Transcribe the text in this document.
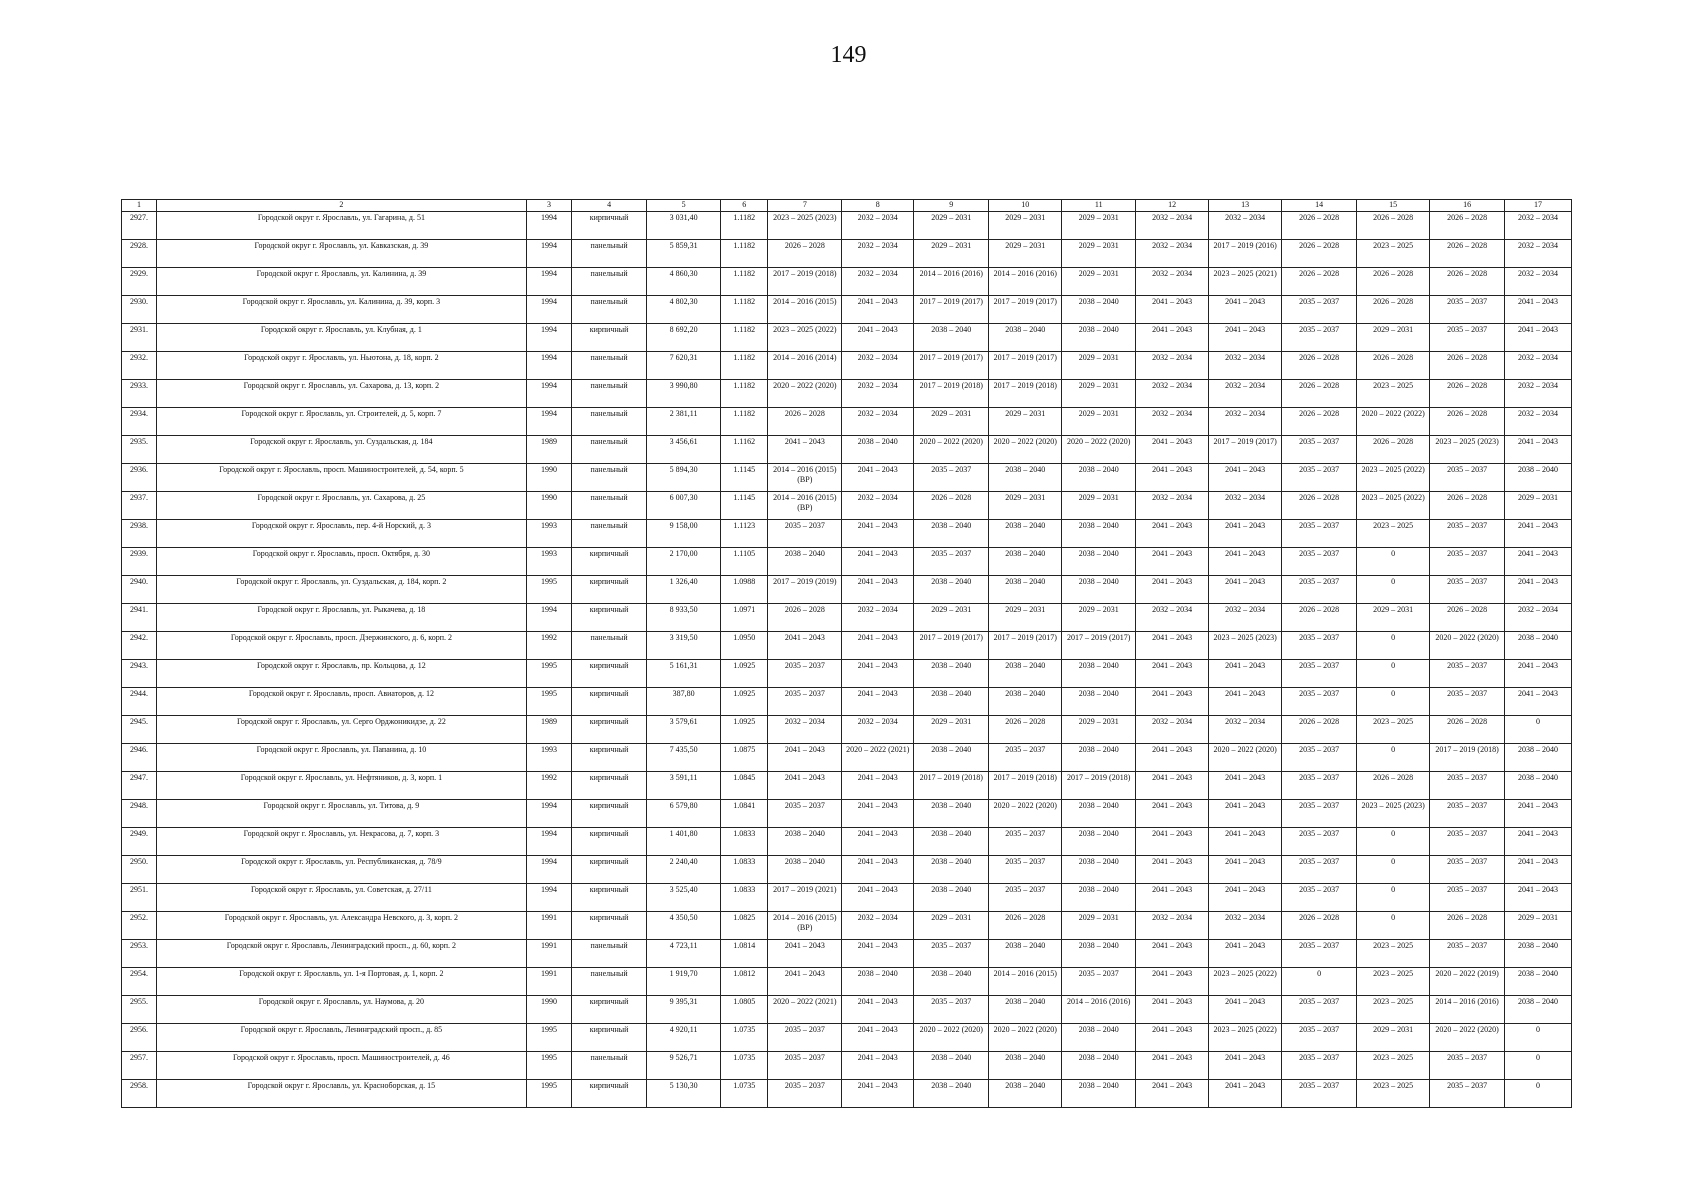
149
1	2	3	4	5	6	7	8	9	10	11	12	13	14	15	16	17
2927.	Городской округ г. Ярославль, ул. Гагарина, д. 51	1994	кирпичный	3 031,40	1.1182	2023 – 2025 (2023)	2032 – 2034	2029 – 2031	2029 – 2031	2029 – 2031	2032 – 2034	2032 – 2034	2026 – 2028	2026 – 2028	2026 – 2028	2032 – 2034
2928.	Городской округ г. Ярославль, ул. Кавказская, д. 39	1994	панельный	5 859,31	1.1182	2026 – 2028	2032 – 2034	2029 – 2031	2029 – 2031	2029 – 2031	2032 – 2034	2017 – 2019 (2016)	2026 – 2028	2023 – 2025	2026 – 2028	2032 – 2034
2929.	Городской округ г. Ярославль, ул. Калинина, д. 39	1994	панельный	4 860,30	1.1182	2017 – 2019 (2018)	2032 – 2034	2014 – 2016 (2016)	2014 – 2016 (2016)	2029 – 2031	2032 – 2034	2023 – 2025 (2021)	2026 – 2028	2026 – 2028	2026 – 2028	2032 – 2034
2930.	Городской округ г. Ярославль, ул. Калинина, д. 39, корп. 3	1994	панельный	4 802,30	1.1182	2014 – 2016 (2015)	2041 – 2043	2017 – 2019 (2017)	2017 – 2019 (2017)	2038 – 2040	2041 – 2043	2041 – 2043	2035 – 2037	2026 – 2028	2035 – 2037	2041 – 2043
2931.	Городской округ г. Ярославль, ул. Клубная, д. 1	1994	кирпичный	8 692,20	1.1182	2023 – 2025 (2022)	2041 – 2043	2038 – 2040	2038 – 2040	2038 – 2040	2041 – 2043	2041 – 2043	2035 – 2037	2029 – 2031	2035 – 2037	2041 – 2043
2932.	Городской округ г. Ярославль, ул. Ньютона, д. 18, корп. 2	1994	панельный	7 620,31	1.1182	2014 – 2016 (2014)	2032 – 2034	2017 – 2019 (2017)	2017 – 2019 (2017)	2029 – 2031	2032 – 2034	2032 – 2034	2026 – 2028	2026 – 2028	2026 – 2028	2032 – 2034
2933.	Городской округ г. Ярославль, ул. Сахарова, д. 13, корп. 2	1994	панельный	3 990,80	1.1182	2020 – 2022 (2020)	2032 – 2034	2017 – 2019 (2018)	2017 – 2019 (2018)	2029 – 2031	2032 – 2034	2032 – 2034	2026 – 2028	2023 – 2025	2026 – 2028	2032 – 2034
2934.	Городской округ г. Ярославль, ул. Строителей, д. 5, корп. 7	1994	панельный	2 381,11	1.1182	2026 – 2028	2032 – 2034	2029 – 2031	2029 – 2031	2029 – 2031	2032 – 2034	2032 – 2034	2026 – 2028	2020 – 2022 (2022)	2026 – 2028	2032 – 2034
2935.	Городской округ г. Ярославль, ул. Суздальская, д. 184	1989	панельный	3 456,61	1.1162	2041 – 2043	2038 – 2040	2020 – 2022 (2020)	2020 – 2022 (2020)	2020 – 2022 (2020)	2041 – 2043	2017 – 2019 (2017)	2035 – 2037	2026 – 2028	2023 – 2025 (2023)	2041 – 2043
2936.	Городской округ г. Ярославль, просп. Машиностроителей, д. 54, корп. 5	1990	панельный	5 894,30	1.1145	2014 – 2016 (2015) (ВР)	2041 – 2043	2035 – 2037	2038 – 2040	2038 – 2040	2041 – 2043	2041 – 2043	2035 – 2037	2023 – 2025 (2022)	2035 – 2037	2038 – 2040
2937.	Городской округ г. Ярославль, ул. Сахарова, д. 25	1990	панельный	6 007,30	1.1145	2014 – 2016 (2015) (ВР)	2032 – 2034	2026 – 2028	2029 – 2031	2029 – 2031	2032 – 2034	2032 – 2034	2026 – 2028	2023 – 2025 (2022)	2026 – 2028	2029 – 2031
2938.	Городской округ г. Ярославль, пер. 4-й Норский, д. 3	1993	панельный	9 158,00	1.1123	2035 – 2037	2041 – 2043	2038 – 2040	2038 – 2040	2038 – 2040	2041 – 2043	2041 – 2043	2035 – 2037	2023 – 2025	2035 – 2037	2041 – 2043
2939.	Городской округ г. Ярославль, просп. Октября, д. 30	1993	кирпичный	2 170,00	1.1105	2038 – 2040	2041 – 2043	2035 – 2037	2038 – 2040	2038 – 2040	2041 – 2043	2041 – 2043	2035 – 2037	0	2035 – 2037	2041 – 2043
2940.	Городской округ г. Ярославль, ул. Суздальская, д. 184, корп. 2	1995	кирпичный	1 326,40	1.0988	2017 – 2019 (2019)	2041 – 2043	2038 – 2040	2038 – 2040	2038 – 2040	2041 – 2043	2041 – 2043	2035 – 2037	0	2035 – 2037	2041 – 2043
2941.	Городской округ г. Ярославль, ул. Рыкачева, д. 18	1994	кирпичный	8 933,50	1.0971	2026 – 2028	2032 – 2034	2029 – 2031	2029 – 2031	2029 – 2031	2032 – 2034	2032 – 2034	2026 – 2028	2029 – 2031	2026 – 2028	2032 – 2034
2942.	Городской округ г. Ярославль, просп. Дзержинского, д. 6, корп. 2	1992	панельный	3 319,50	1.0950	2041 – 2043	2041 – 2043	2017 – 2019 (2017)	2017 – 2019 (2017)	2017 – 2019 (2017)	2041 – 2043	2023 – 2025 (2023)	2035 – 2037	0	2020 – 2022 (2020)	2038 – 2040
2943.	Городской округ г. Ярославль, пр. Кольцова, д. 12	1995	кирпичный	5 161,31	1.0925	2035 – 2037	2041 – 2043	2038 – 2040	2038 – 2040	2038 – 2040	2041 – 2043	2041 – 2043	2035 – 2037	0	2035 – 2037	2041 – 2043
2944.	Городской округ г. Ярославль, просп. Авиаторов, д. 12	1995	кирпичный	387,80	1.0925	2035 – 2037	2041 – 2043	2038 – 2040	2038 – 2040	2038 – 2040	2041 – 2043	2041 – 2043	2035 – 2037	0	2035 – 2037	2041 – 2043
2945.	Городской округ г. Ярославль, ул. Серго Орджоникидзе, д. 22	1989	кирпичный	3 579,61	1.0925	2032 – 2034	2032 – 2034	2029 – 2031	2026 – 2028	2029 – 2031	2032 – 2034	2032 – 2034	2026 – 2028	2023 – 2025	2026 – 2028	0
2946.	Городской округ г. Ярославль, ул. Папанина, д. 10	1993	кирпичный	7 435,50	1.0875	2041 – 2043	2020 – 2022 (2021)	2038 – 2040	2035 – 2037	2038 – 2040	2041 – 2043	2020 – 2022 (2020)	2035 – 2037	0	2017 – 2019 (2018)	2038 – 2040
2947.	Городской округ г. Ярославль, ул. Нефтяников, д. 3, корп. 1	1992	кирпичный	3 591,11	1.0845	2041 – 2043	2041 – 2043	2017 – 2019 (2018)	2017 – 2019 (2018)	2017 – 2019 (2018)	2041 – 2043	2041 – 2043	2035 – 2037	2026 – 2028	2035 – 2037	2038 – 2040
2948.	Городской округ г. Ярославль, ул. Титова, д. 9	1994	кирпичный	6 579,80	1.0841	2035 – 2037	2041 – 2043	2038 – 2040	2020 – 2022 (2020)	2038 – 2040	2041 – 2043	2041 – 2043	2035 – 2037	2023 – 2025 (2023)	2035 – 2037	2041 – 2043
2949.	Городской округ г. Ярославль, ул. Некрасова, д. 7, корп. 3	1994	кирпичный	1 401,80	1.0833	2038 – 2040	2041 – 2043	2038 – 2040	2035 – 2037	2038 – 2040	2041 – 2043	2041 – 2043	2035 – 2037	0	2035 – 2037	2041 – 2043
2950.	Городской округ г. Ярославль, ул. Республиканская, д. 78/9	1994	кирпичный	2 240,40	1.0833	2038 – 2040	2041 – 2043	2038 – 2040	2035 – 2037	2038 – 2040	2041 – 2043	2041 – 2043	2035 – 2037	0	2035 – 2037	2041 – 2043
2951.	Городской округ г. Ярославль, ул. Советская, д. 27/11	1994	кирпичный	3 525,40	1.0833	2017 – 2019 (2021)	2041 – 2043	2038 – 2040	2035 – 2037	2038 – 2040	2041 – 2043	2041 – 2043	2035 – 2037	0	2035 – 2037	2041 – 2043
2952.	Городской округ г. Ярославль, ул. Александра Невского, д. 3, корп. 2	1991	кирпичный	4 350,50	1.0825	2014 – 2016 (2015) (ВР)	2032 – 2034	2029 – 2031	2026 – 2028	2029 – 2031	2032 – 2034	2032 – 2034	2026 – 2028	0	2026 – 2028	2029 – 2031
2953.	Городской округ г. Ярославль, Ленинградский просп., д. 60, корп. 2	1991	панельный	4 723,11	1.0814	2041 – 2043	2041 – 2043	2035 – 2037	2038 – 2040	2038 – 2040	2041 – 2043	2041 – 2043	2035 – 2037	2023 – 2025	2035 – 2037	2038 – 2040
2954.	Городской округ г. Ярославль, ул. 1-я Портовая, д. 1, корп. 2	1991	панельный	1 919,70	1.0812	2041 – 2043	2038 – 2040	2038 – 2040	2014 – 2016 (2015)	2035 – 2037	2041 – 2043	2023 – 2025 (2022)	0	2023 – 2025	2020 – 2022 (2019)	2038 – 2040
2955.	Городской округ г. Ярославль, ул. Наумова, д. 20	1990	кирпичный	9 395,31	1.0805	2020 – 2022 (2021)	2041 – 2043	2035 – 2037	2038 – 2040	2014 – 2016 (2016)	2041 – 2043	2041 – 2043	2035 – 2037	2023 – 2025	2014 – 2016 (2016)	2038 – 2040
2956.	Городской округ г. Ярославль, Ленинградский просп., д. 85	1995	кирпичный	4 920,11	1.0735	2035 – 2037	2041 – 2043	2020 – 2022 (2020)	2020 – 2022 (2020)	2038 – 2040	2041 – 2043	2023 – 2025 (2022)	2035 – 2037	2029 – 2031	2020 – 2022 (2020)	0
2957.	Городской округ г. Ярославль, просп. Машиностроителей, д. 46	1995	панельный	9 526,71	1.0735	2035 – 2037	2041 – 2043	2038 – 2040	2038 – 2040	2038 – 2040	2041 – 2043	2041 – 2043	2035 – 2037	2023 – 2025	2035 – 2037	0
2958.	Городской округ г. Ярославль, ул. Красноборская, д. 15	1995	кирпичный	5 130,30	1.0735	2035 – 2037	2041 – 2043	2038 – 2040	2038 – 2040	2038 – 2040	2041 – 2043	2041 – 2043	2035 – 2037	2023 – 2025	2035 – 2037	0
